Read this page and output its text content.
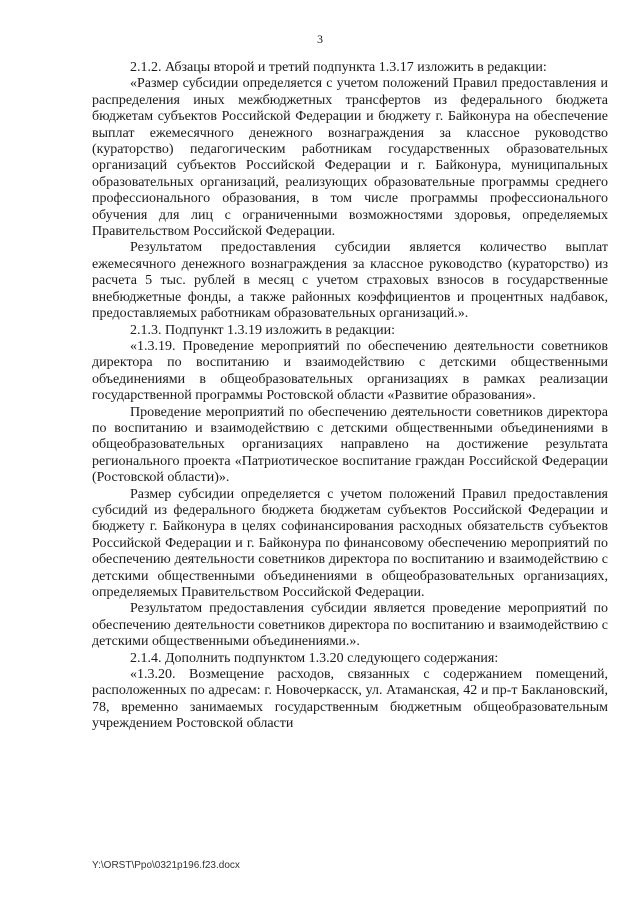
3

2.1.2. Абзацы второй и третий подпункта 1.3.17 изложить в редакции:

«Размер субсидии определяется с учетом положений Правил предоставления и распределения иных межбюджетных трансфертов из федерального бюджета бюджетам субъектов Российской Федерации и бюджету г. Байконура на обеспечение выплат ежемесячного денежного вознаграждения за классное руководство (кураторство) педагогическим работникам государственных образовательных организаций субъектов Российской Федерации и г. Байконура, муниципальных образовательных организаций, реализующих образовательные программы среднего профессионального образования, в том числе программы профессионального обучения для лиц с ограниченными возможностями здоровья, определяемых Правительством Российской Федерации.

Результатом предоставления субсидии является количество выплат ежемесячного денежного вознаграждения за классное руководство (кураторство) из расчета 5 тыс. рублей в месяц с учетом страховых взносов в государственные внебюджетные фонды, а также районных коэффициентов и процентных надбавок, предоставляемых работникам образовательных организаций.».

2.1.3. Подпункт 1.3.19 изложить в редакции:

«1.3.19. Проведение мероприятий по обеспечению деятельности советников директора по воспитанию и взаимодействию с детскими общественными объединениями в общеобразовательных организациях в рамках реализации государственной программы Ростовской области «Развитие образования».

Проведение мероприятий по обеспечению деятельности советников директора по воспитанию и взаимодействию с детскими общественными объединениями в общеобразовательных организациях направлено на достижение результата регионального проекта «Патриотическое воспитание граждан Российской Федерации (Ростовской области)».

Размер субсидии определяется с учетом положений Правил предоставления субсидий из федерального бюджета бюджетам субъектов Российской Федерации и бюджету г. Байконура в целях софинансирования расходных обязательств субъектов Российской Федерации и г. Байконура по финансовому обеспечению мероприятий по обеспечению деятельности советников директора по воспитанию и взаимодействию с детскими общественными объединениями в общеобразовательных организациях, определяемых Правительством Российской Федерации.

Результатом предоставления субсидии является проведение мероприятий по обеспечению деятельности советников директора по воспитанию и взаимодействию с детскими общественными объединениями.».

2.1.4. Дополнить подпунктом 1.3.20 следующего содержания:

«1.3.20. Возмещение расходов, связанных с содержанием помещений, расположенных по адресам: г. Новочеркасск, ул. Атаманская, 42 и пр-т Баклановский, 78, временно занимаемых государственным бюджетным общеобразовательным учреждением Ростовской области

Y:\ORST\Ppo\0321p196.f23.docx
